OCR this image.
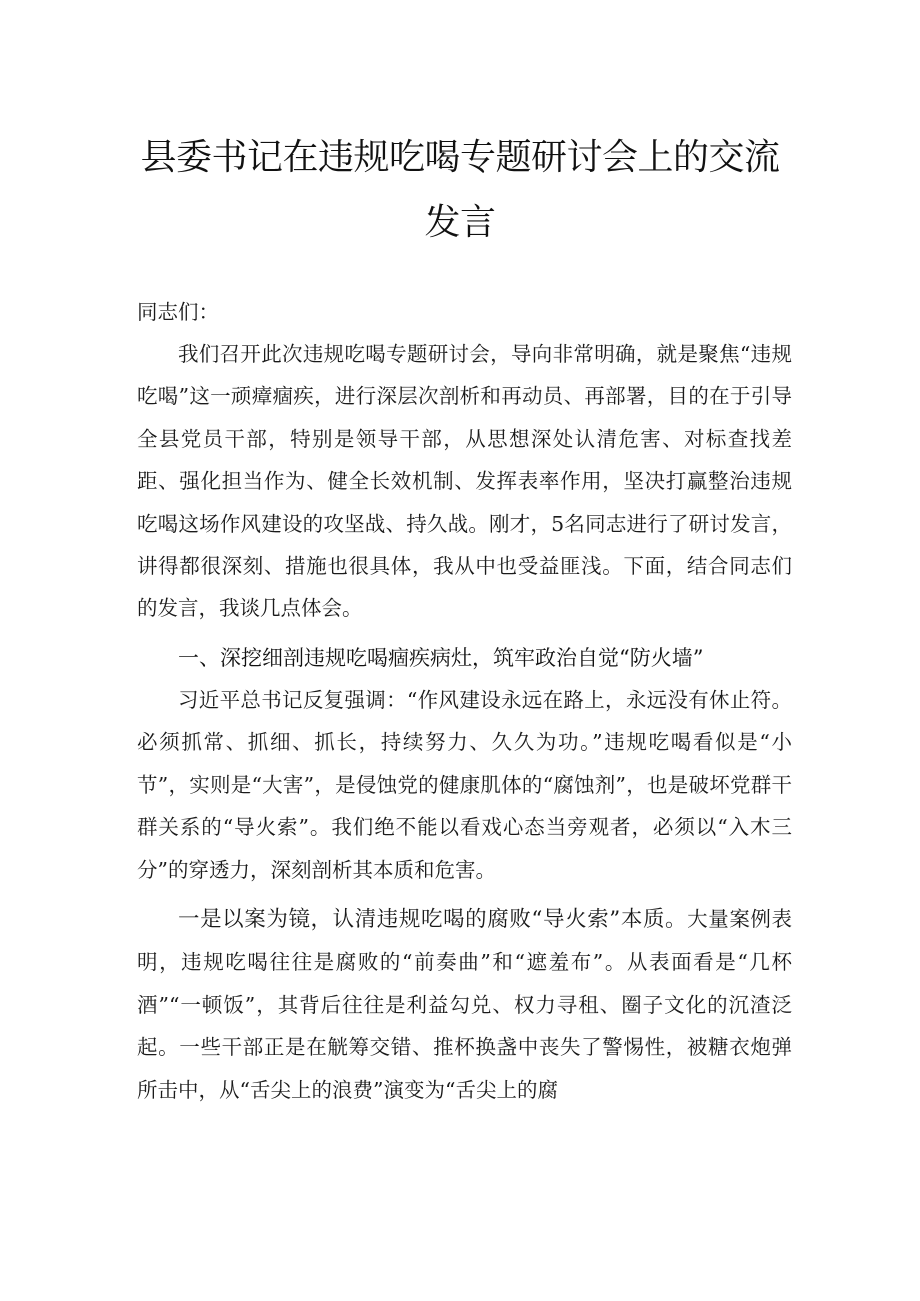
县委书记在违规吃喝专题研讨会上的交流
发言
同志们：

我们召开此次违规吃喝专题研讨会，导向非常明确，就是聚焦“违规吃喝”这一顽瘴痼疾，进行深层次剖析和再动员、再部署，目的在于引导全县党员干部，特别是领导干部，从思想深处认清危害、对标查找差距、强化担当作为、健全长效机制、发挥表率作用，坚决打赢整治违规吃喝这场作风建设的攻坚战、持久战。刚才，5名同志进行了研讨发言，讲得都很深刻、措施也很具体，我从中也受益匪浅。下面，结合同志们的发言，我谈几点体会。

一、深挖细剖违规吃喝痼疾病灶，筑牢政治自觉“防火墙”

习近平总书记反复强调：“作风建设永远在路上，永远没有休止符。必须抓常、抓细、抓长，持续努力、久久为功。”违规吃喝看似是“小节”，实则是“大害”，是侵蚀党的健康肌体的“腐蚀剂”，也是破坏党群干群关系的“导火索”。我们绝不能以看戏心态当旁观者，必须以“入木三分”的穿透力，深刻剖析其本质和危害。

一是以案为镜，认清违规吃喝的腐败“导火索”本质。大量案例表明，违规吃喝往往是腐败的“前奏曲”和“遮羞布”。从表面看是“几杯酒”“一顿饭”，其背后往往是利益勾兑、权力寻租、圈子文化的沉渣泛起。一些干部正是在觥筹交错、推杯换盏中丧失了警惕性，被糖衣炮弹所击中，从“舌尖上的浪费”演变为“舌尖上的腐
